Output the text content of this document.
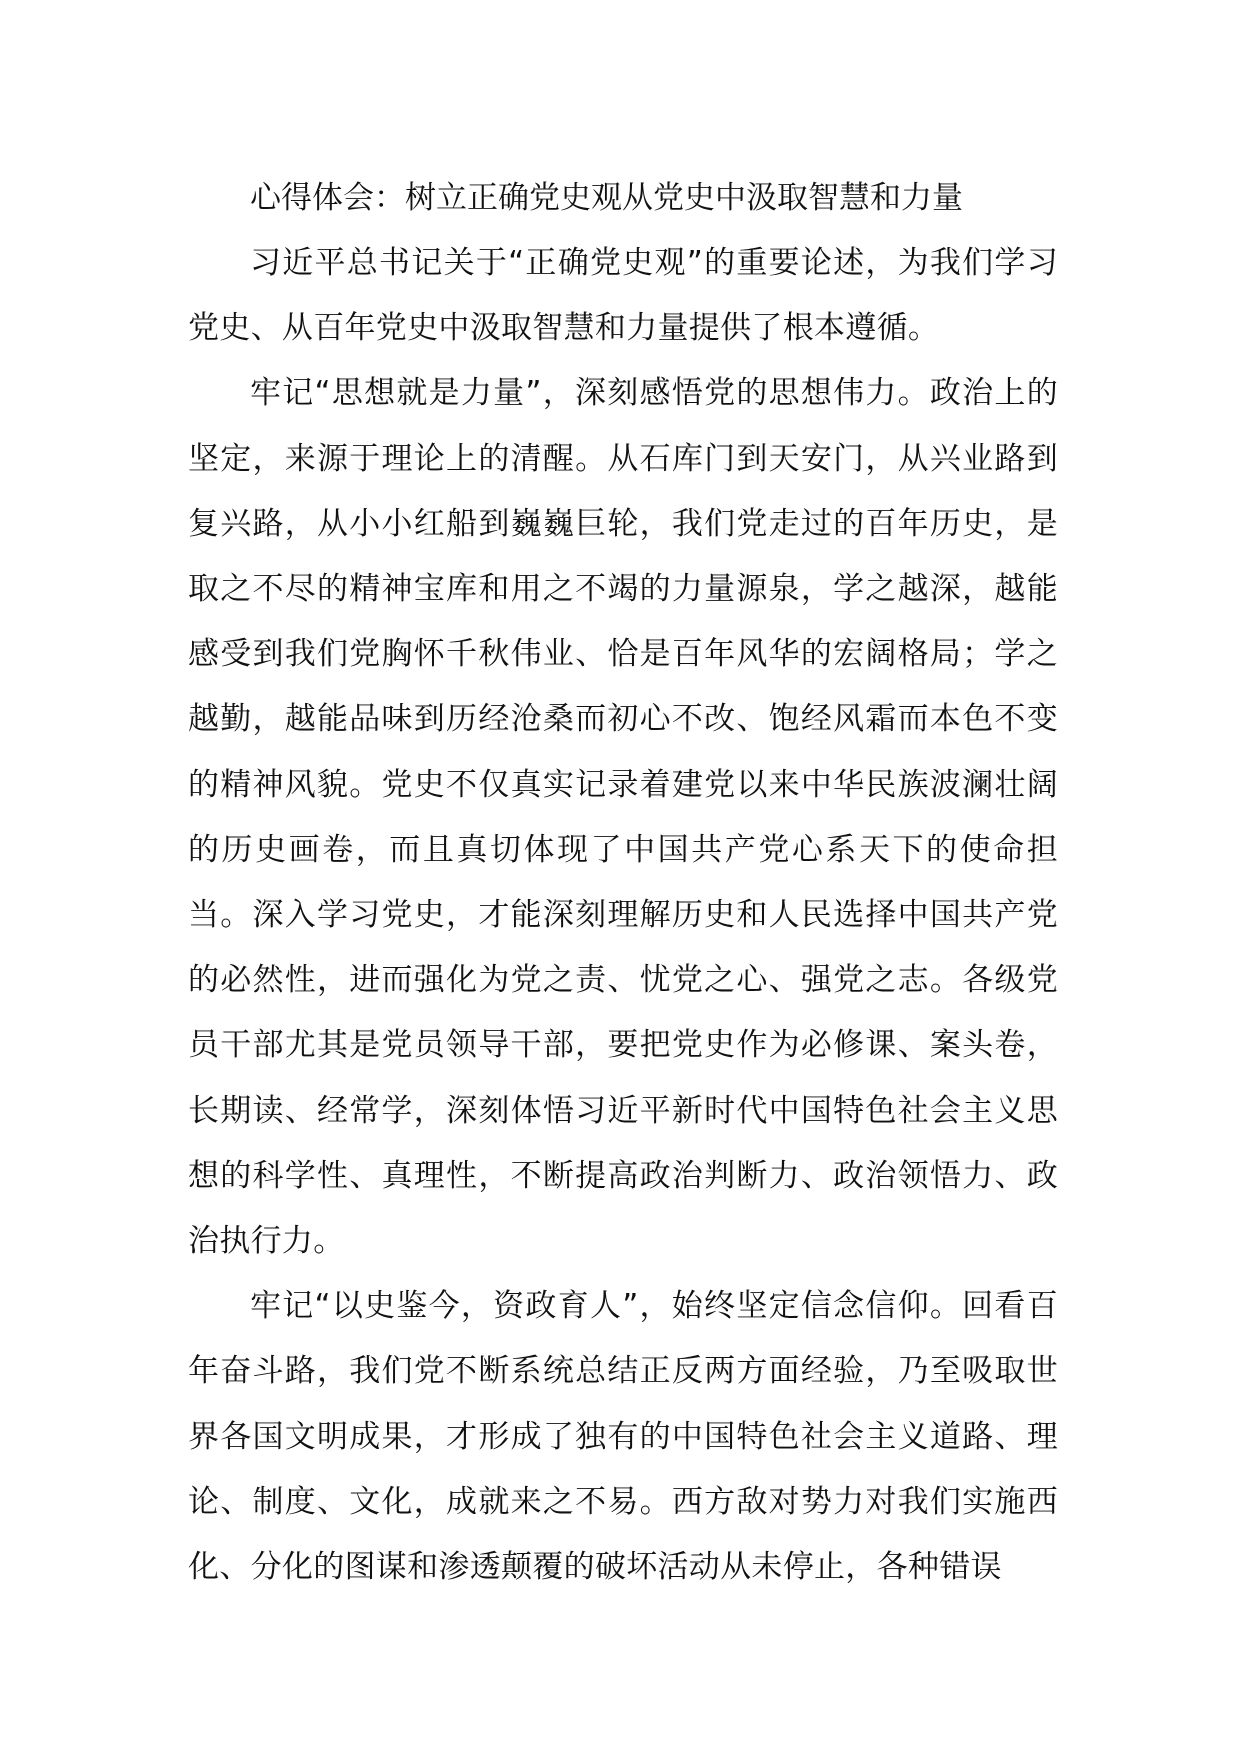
心得体会：树立正确党史观从党史中汲取智慧和力量

习近平总书记关于“正确党史观”的重要论述，为我们学习党史、从百年党史中汲取智慧和力量提供了根本遵循。

牢记“思想就是力量”，深刻感悟党的思想伟力。政治上的坚定，来源于理论上的清醒。从石库门到天安门，从兴业路到复兴路，从小小红船到巍巍巨轮，我们党走过的百年历史，是取之不尽的精神宝库和用之不竭的力量源泉，学之越深，越能感受到我们党胸怀千秋伟业、恰是百年风华的宏阔格局；学之越勤，越能品味到历经沧桑而初心不改、饱经风霜而本色不变的精神风貌。党史不仅真实记录着建党以来中华民族波澜壮阔的历史画卷，而且真切体现了中国共产党心系天下的使命担当。深入学习党史，才能深刻理解历史和人民选择中国共产党的必然性，进而强化为党之责、忧党之心、强党之志。各级党员干部尤其是党员领导干部，要把党史作为必修课、案头卷，长期读、经常学，深刻体悟习近平新时代中国特色社会主义思想的科学性、真理性，不断提高政治判断力、政治领悟力、政治执行力。

牢记“以史鉴今，资政育人”，始终坚定信念信仰。回看百年奋斗路，我们党不断系统总结正反两方面经验，乃至吸取世界各国文明成果，才形成了独有的中国特色社会主义道路、理论、制度、文化，成就来之不易。西方敌对势力对我们实施西化、分化的图谋和渗透颠覆的破坏活动从未停止，各种错误
